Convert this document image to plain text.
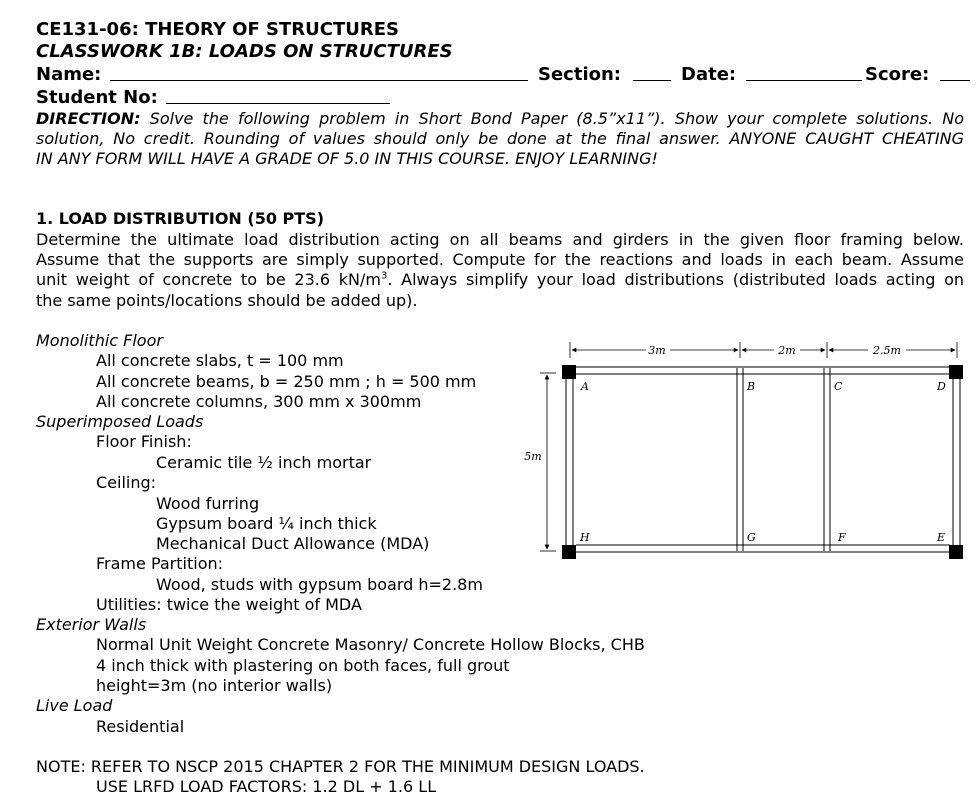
CE131-06: THEORY OF STRUCTURES
CLASSWORK 1B: LOADS ON STRUCTURES
Name:	Section:	Date:	Score:
Student No:
DIRECTION: Solve the following problem in Short Bond Paper (8.5”x11”). Show your complete solutions. No
solution, No credit. Rounding of values should only be done at the final answer. ANYONE CAUGHT CHEATING
IN ANY FORM WILL HAVE A GRADE OF 5.0 IN THIS COURSE. ENJOY LEARNING!
1. LOAD DISTRIBUTION (50 PTS)
Determine the ultimate load distribution acting on all beams and girders in the given floor framing below.
Assume that the supports are simply supported. Compute for the reactions and loads in each beam. Assume
unit weight of concrete to be 23.6 $kN/m^3$. Always simplify your load distributions (distributed loads acting on
the same points/locations should be added up).
Monolithic Floor
All concrete slabs, t = 100 mm
All concrete beams, b = 250 mm ; h = 500 mm
All concrete columns, 300 mm x 300mm
Superimposed Loads
Floor Finish:
Ceramic tile ½ inch mortar
Ceiling:
Wood furring
Gypsum board ¼ inch thick
Mechanical Duct Allowance (MDA)
Frame Partition:
Wood, studs with gypsum board h=2.8m
Utilities: twice the weight of MDA
Exterior Walls
Normal Unit Weight Concrete Masonry/ Concrete Hollow Blocks, CHB
4 inch thick with plastering on both faces, full grout
height=3m (no interior walls)
Live Load
Residential
NOTE: REFER TO NSCP 2015 CHAPTER 2 FOR THE MINIMUM DESIGN LOADS.
USE LRFD LOAD FACTORS: 1.2 DL + 1.6 LL
3m	2m	2.5m
5m
A	B	C	D
H	G	F	E
